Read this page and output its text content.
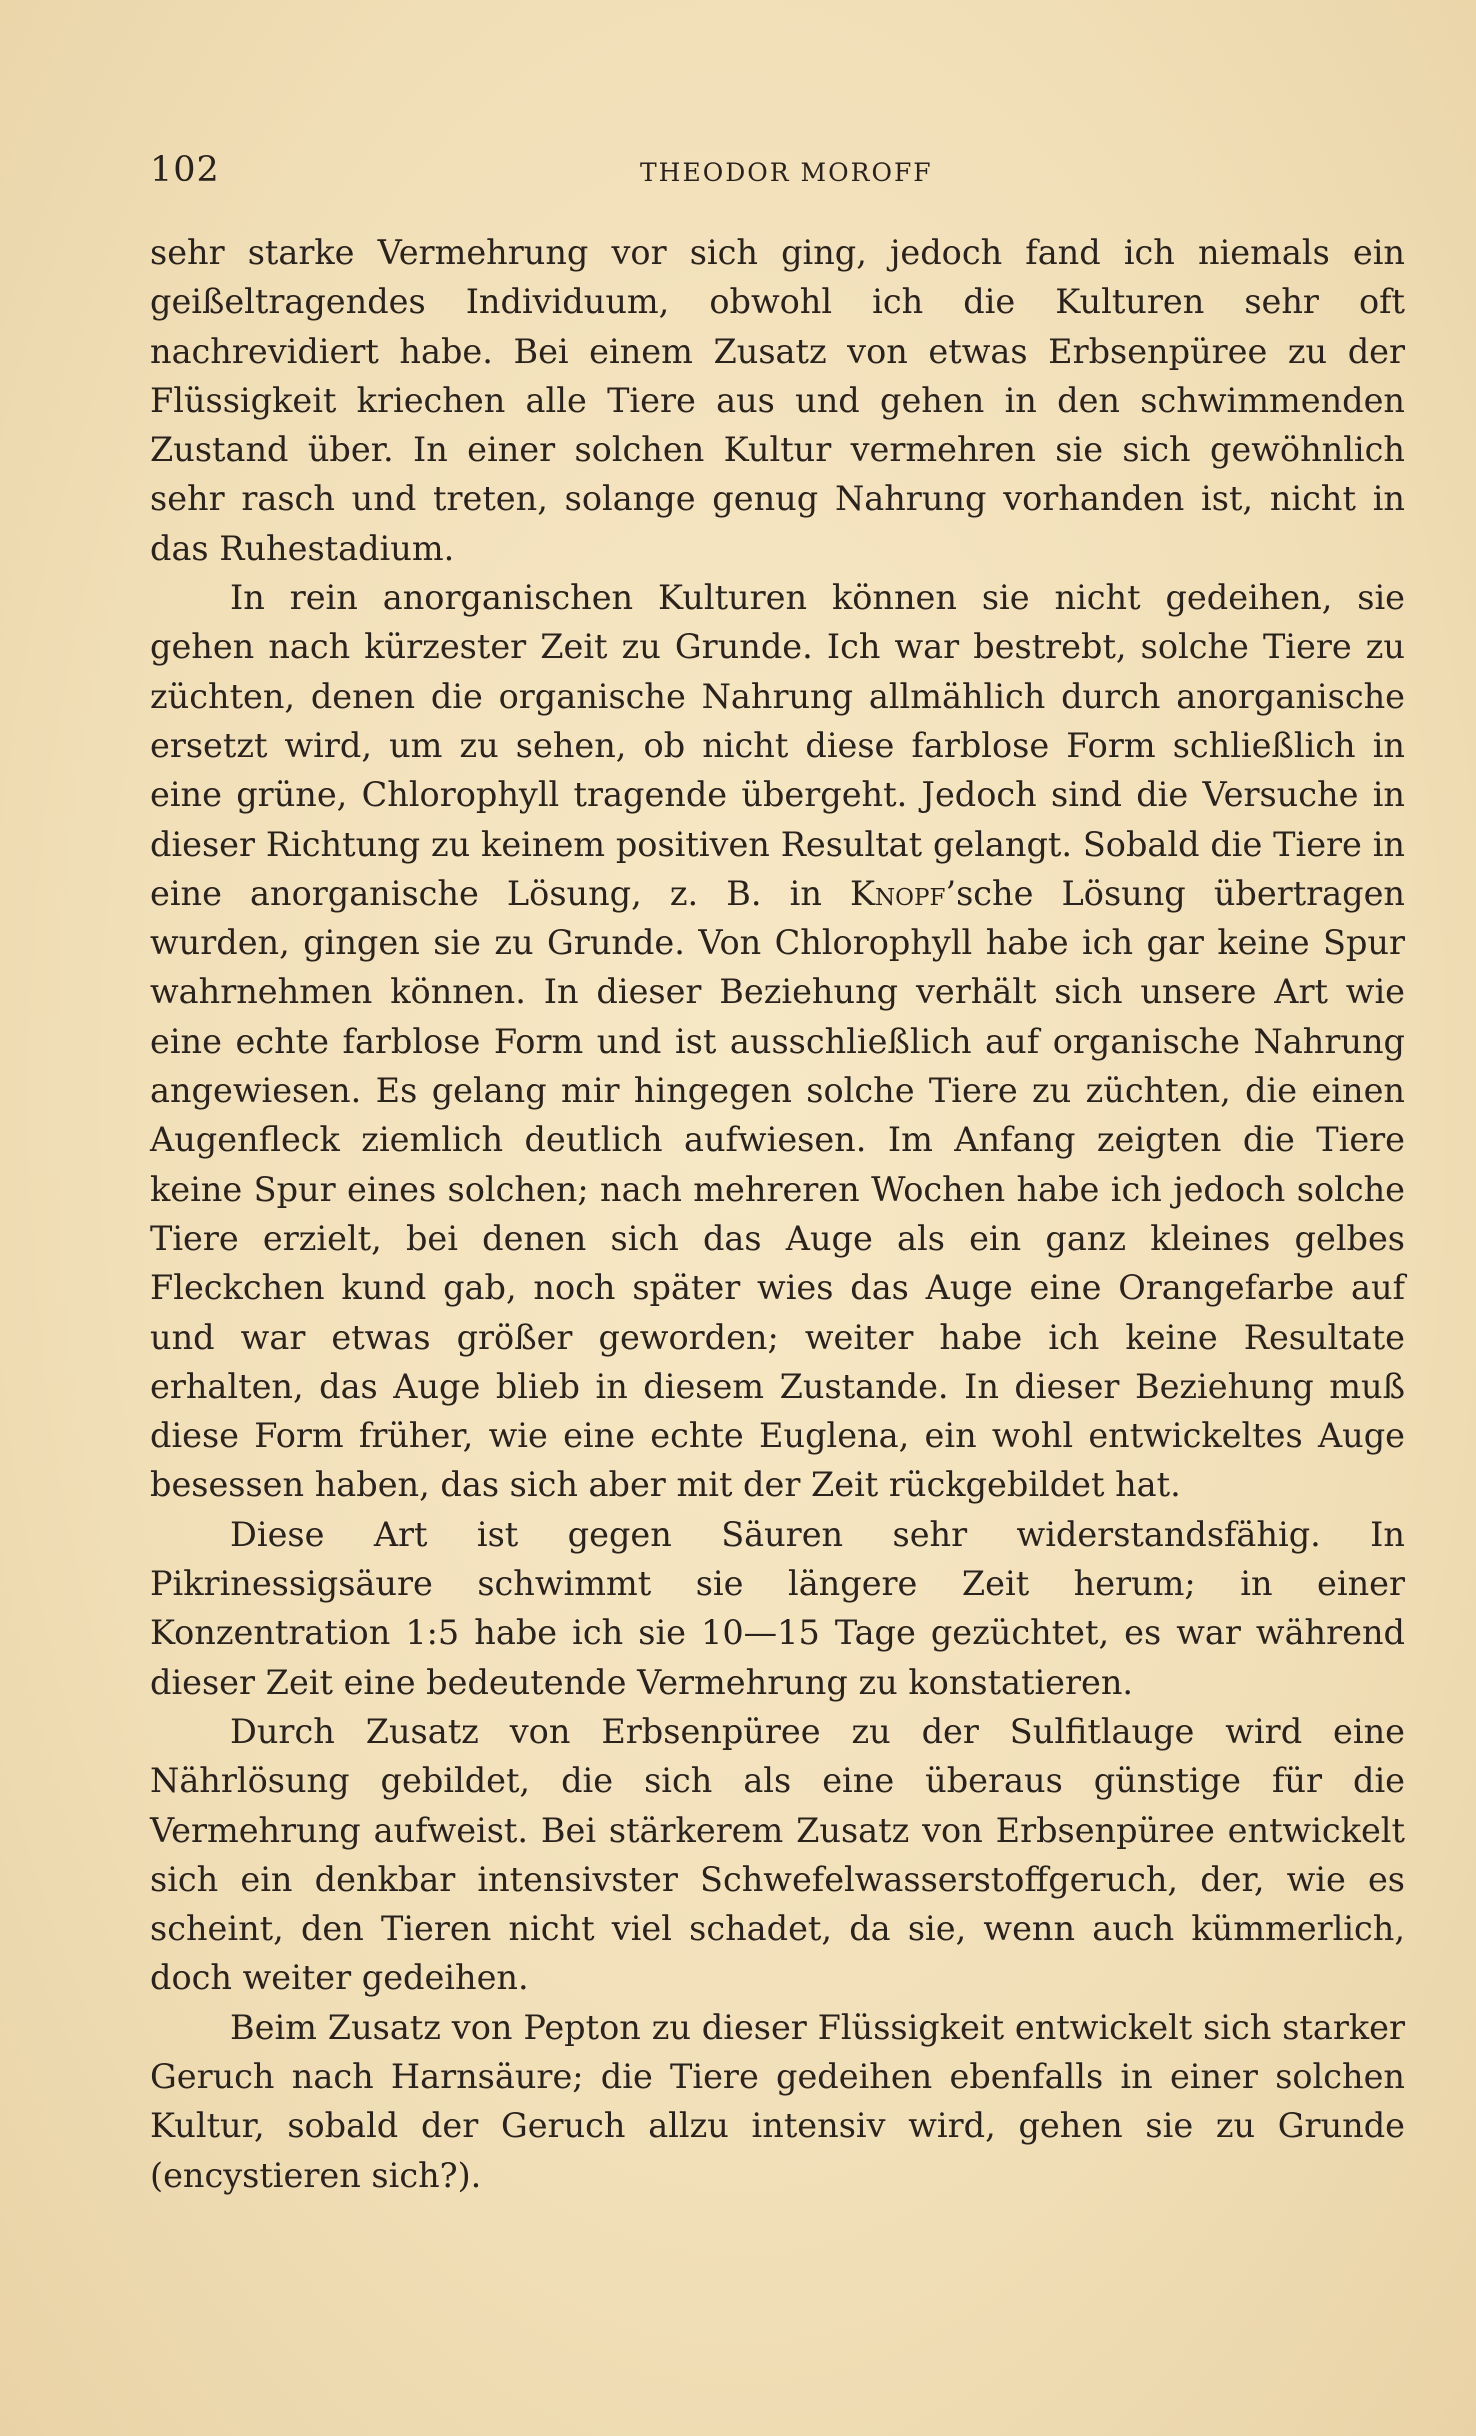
102	THEODOR MOROFF

sehr starke Vermehrung vor sich ging, jedoch fand ich niemals ein geißeltragendes Individuum, obwohl ich die Kulturen sehr oft nachrevidiert habe. Bei einem Zusatz von etwas Erbsenpüree zu der Flüssigkeit kriechen alle Tiere aus und gehen in den schwimmenden Zustand über. In einer solchen Kultur vermehren sie sich gewöhnlich sehr rasch und treten, solange genug Nahrung vorhanden ist, nicht in das Ruhestadium.

In rein anorganischen Kulturen können sie nicht gedeihen, sie gehen nach kürzester Zeit zu Grunde. Ich war bestrebt, solche Tiere zu züchten, denen die organische Nahrung allmählich durch anorganische ersetzt wird, um zu sehen, ob nicht diese farblose Form schließlich in eine grüne, Chlorophyll tragende übergeht. Jedoch sind die Versuche in dieser Richtung zu keinem positiven Resultat gelangt. Sobald die Tiere in eine anorganische Lösung, z. B. in Knopf’sche Lösung übertragen wurden, gingen sie zu Grunde. Von Chlorophyll habe ich gar keine Spur wahrnehmen können. In dieser Beziehung verhält sich unsere Art wie eine echte farblose Form und ist ausschließlich auf organische Nahrung angewiesen. Es gelang mir hingegen solche Tiere zu züchten, die einen Augenfleck ziemlich deutlich aufwiesen. Im Anfang zeigten die Tiere keine Spur eines solchen; nach mehreren Wochen habe ich jedoch solche Tiere erzielt, bei denen sich das Auge als ein ganz kleines gelbes Fleckchen kund gab, noch später wies das Auge eine Orangefarbe auf und war etwas größer geworden; weiter habe ich keine Resultate erhalten, das Auge blieb in diesem Zustande. In dieser Beziehung muß diese Form früher, wie eine echte Euglena, ein wohl entwickeltes Auge besessen haben, das sich aber mit der Zeit rückgebildet hat.

Diese Art ist gegen Säuren sehr widerstandsfähig. In Pikrinessigsäure schwimmt sie längere Zeit herum; in einer Konzentration 1:5 habe ich sie 10—15 Tage gezüchtet, es war während dieser Zeit eine bedeutende Vermehrung zu konstatieren.

Durch Zusatz von Erbsenpüree zu der Sulfitlauge wird eine Nährlösung gebildet, die sich als eine überaus günstige für die Vermehrung aufweist. Bei stärkerem Zusatz von Erbsenpüree entwickelt sich ein denkbar intensivster Schwefelwasserstoffgeruch, der, wie es scheint, den Tieren nicht viel schadet, da sie, wenn auch kümmerlich, doch weiter gedeihen.

Beim Zusatz von Pepton zu dieser Flüssigkeit entwickelt sich starker Geruch nach Harnsäure; die Tiere gedeihen ebenfalls in einer solchen Kultur, sobald der Geruch allzu intensiv wird, gehen sie zu Grunde (encystieren sich?).
